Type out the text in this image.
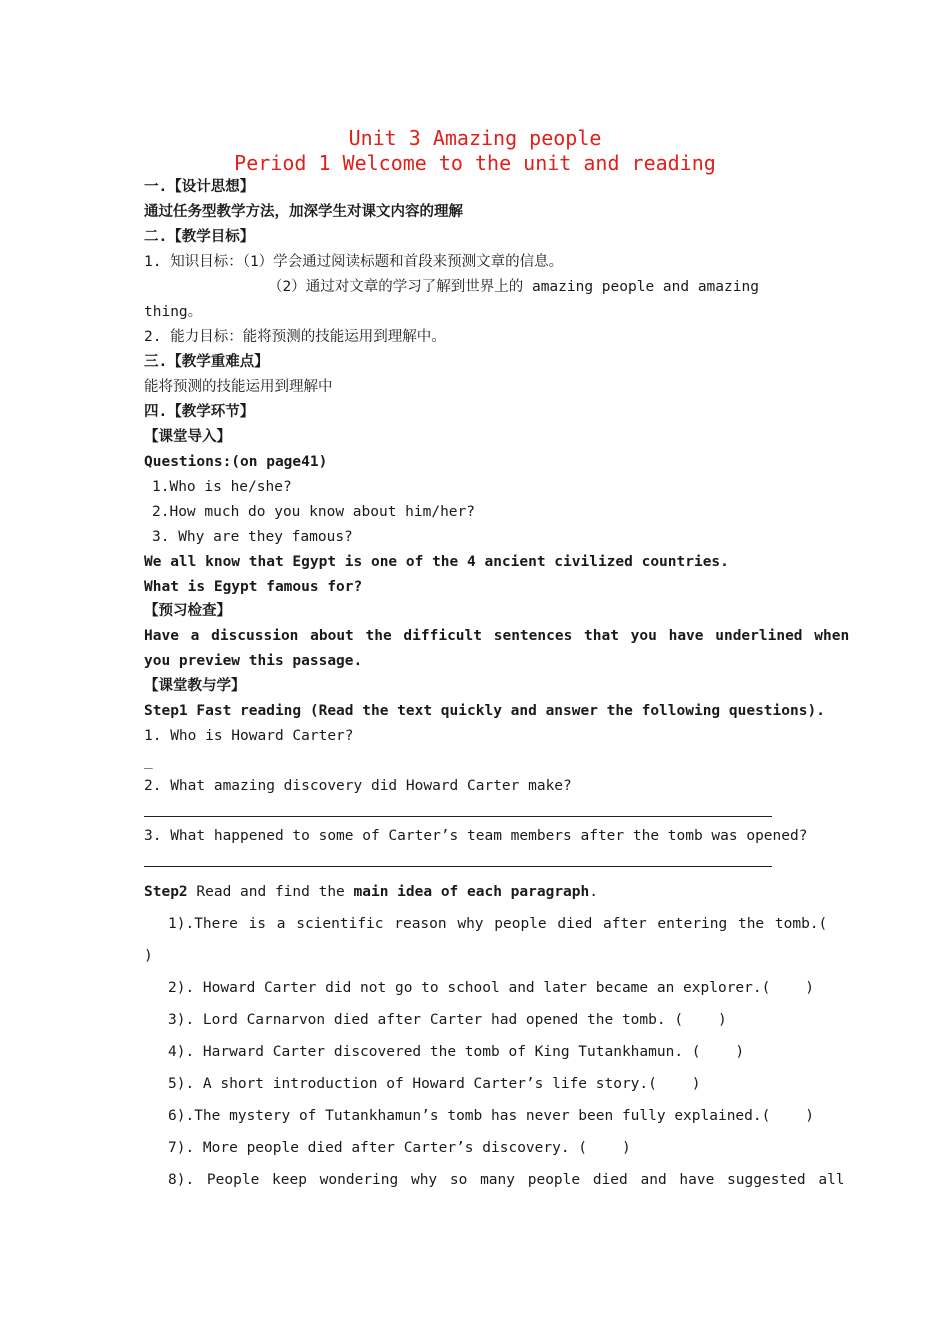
Unit 3 Amazing people
Period 1 Welcome to the unit and reading
一.【设计思想】
通过任务型教学方法，加深学生对课文内容的理解
二.【教学目标】
1. 知识目标：（1）学会通过阅读标题和首段来预测文章的信息。
（2）通过对文章的学习了解到世界上的 amazing people and amazing
thing。
2. 能力目标：能将预测的技能运用到理解中。
三.【教学重难点】
能将预测的技能运用到理解中
四.【教学环节】
【课堂导入】
Questions:(on page41)
1.Who is he/she?
2.How much do you know about him/her?
3. Why are they famous?
We all know that Egypt is one of the 4 ancient civilized countries.
What is Egypt famous for?
【预习检查】
Have a discussion about the difficult sentences that you have underlined when
you preview this passage.
【课堂教与学】
Step1 Fast reading (Read the text quickly and answer the following questions).
1. Who is Howard Carter?
_
2. What amazing discovery did Howard Carter make?
3. What happened to some of Carter’s team members after the tomb was opened?
Step2 Read and find the main idea of each paragraph.
1).There is a scientific reason why people died after entering the tomb.(
)
2). Howard Carter did not go to school and later became an explorer.(    )
3). Lord Carnarvon died after Carter had opened the tomb. (    )
4). Harward Carter discovered the tomb of King Tutankhamun. (    )
5). A short introduction of Howard Carter’s life story.(    )
6).The mystery of Tutankhamun’s tomb has never been fully explained.(    )
7). More people died after Carter’s discovery. (    )
8). People keep wondering why so many people died and have suggested all
